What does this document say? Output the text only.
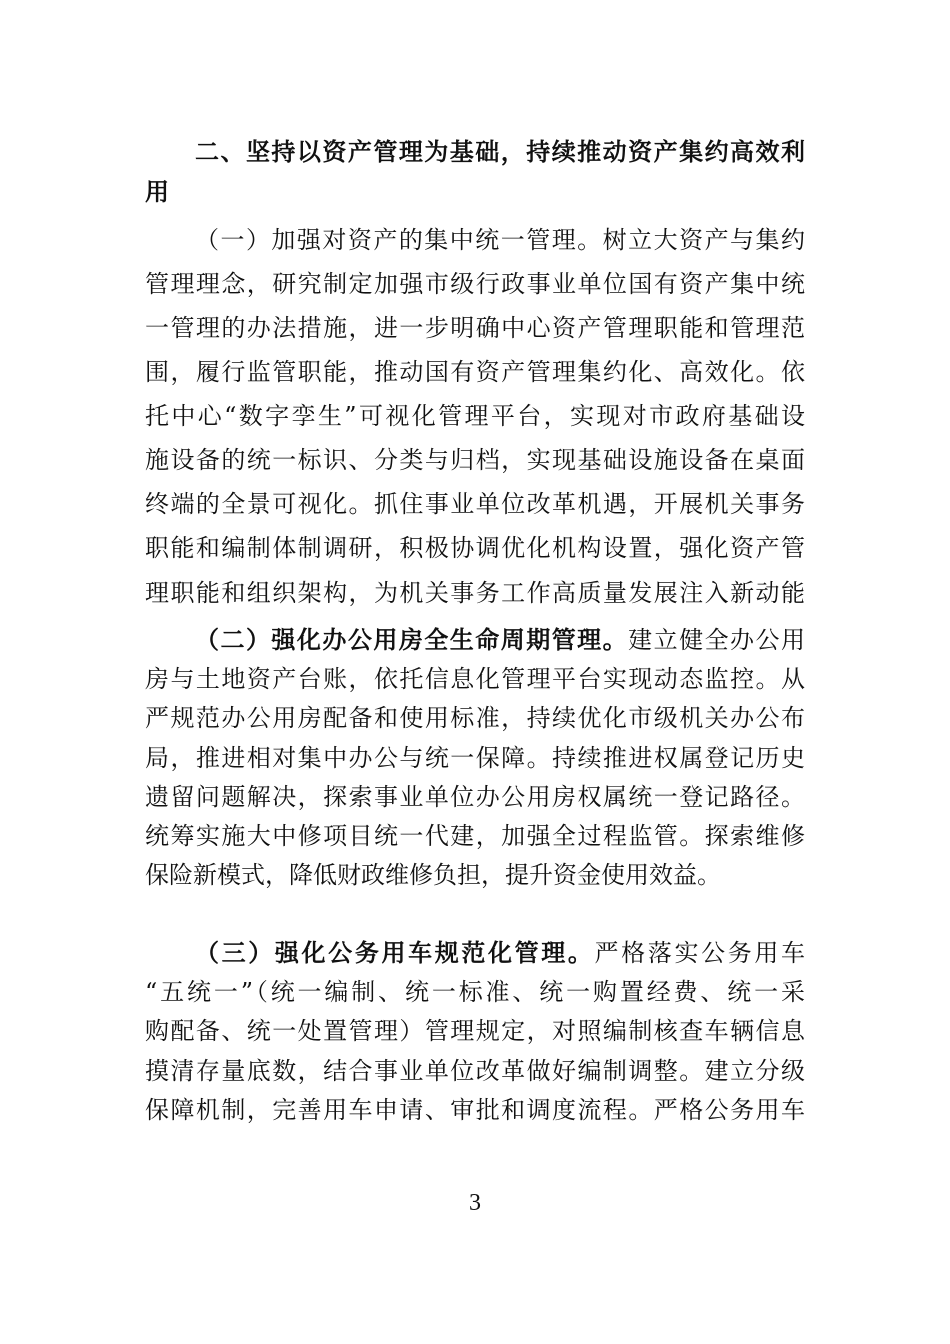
二、坚持以资产管理为基础，持续推动资产集约高效利
用
（一）加强对资产的集中统一管理。树立大资产与集约
管理理念，研究制定加强市级行政事业单位国有资产集中统
一管理的办法措施，进一步明确中心资产管理职能和管理范
围，履行监管职能，推动国有资产管理集约化、高效化。依
托中心“数字孪生”可视化管理平台，实现对市政府基础设
施设备的统一标识、分类与归档，实现基础设施设备在桌面
终端的全景可视化。抓住事业单位改革机遇，开展机关事务
职能和编制体制调研，积极协调优化机构设置，强化资产管
理职能和组织架构，为机关事务工作高质量发展注入新动能
（二）强化办公用房全生命周期管理。建立健全办公用
房与土地资产台账，依托信息化管理平台实现动态监控。从
严规范办公用房配备和使用标准，持续优化市级机关办公布
局，推进相对集中办公与统一保障。持续推进权属登记历史
遗留问题解决，探索事业单位办公用房权属统一登记路径。
统筹实施大中修项目统一代建，加强全过程监管。探索维修
保险新模式，降低财政维修负担，提升资金使用效益。
（三）强化公务用车规范化管理。严格落实公务用车
“五统一”（统一编制、统一标准、统一购置经费、统一采
购配备、统一处置管理）管理规定，对照编制核查车辆信息
摸清存量底数，结合事业单位改革做好编制调整。建立分级
保障机制，完善用车申请、审批和调度流程。严格公务用车
3
